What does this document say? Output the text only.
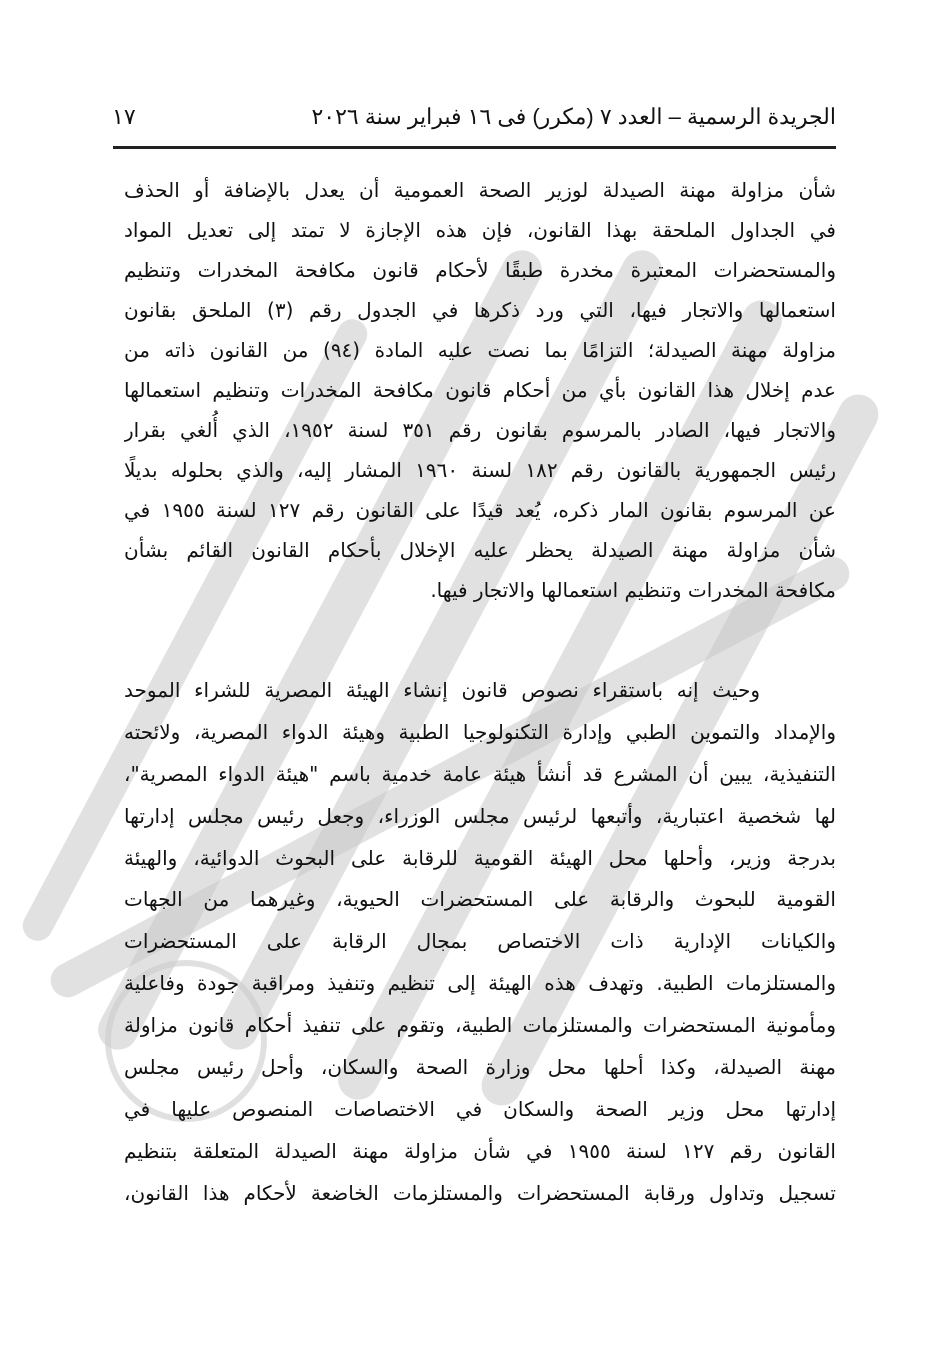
الجريدة الرسمية – العدد ٧ (مكرر) فى ١٦ فبراير سنة ٢٠٢٦
١٧
شأن مزاولة مهنة الصيدلة لوزير الصحة العمومية أن يعدل بالإضافة أو الحذف
في الجداول الملحقة بهذا القانون، فإن هذه الإجازة لا تمتد إلى تعديل المواد
والمستحضرات المعتبرة مخدرة طبقًا لأحكام قانون مكافحة المخدرات وتنظيم
استعمالها والاتجار فيها، التي ورد ذكرها في الجدول رقم (٣) الملحق بقانون
مزاولة مهنة الصيدلة؛ التزامًا بما نصت عليه المادة (٩٤) من القانون ذاته من
عدم إخلال هذا القانون بأي من أحكام قانون مكافحة المخدرات وتنظيم استعمالها
والاتجار فيها، الصادر بالمرسوم بقانون رقم ٣٥١ لسنة ١٩٥٢، الذي أُلغي بقرار
رئيس الجمهورية بالقانون رقم ١٨٢ لسنة ١٩٦٠ المشار إليه، والذي بحلوله بديلًا
عن المرسوم بقانون المار ذكره، يُعد قيدًا على القانون رقم ١٢٧ لسنة ١٩٥٥ في
شأن مزاولة مهنة الصيدلة يحظر عليه الإخلال بأحكام القانون القائم بشأن
مكافحة المخدرات وتنظيم استعمالها والاتجار فيها.
وحيث إنه باستقراء نصوص قانون إنشاء الهيئة المصرية للشراء الموحد
والإمداد والتموين الطبي وإدارة التكنولوجيا الطبية وهيئة الدواء المصرية، ولائحته
التنفيذية، يبين أن المشرع قد أنشأ هيئة عامة خدمية باسم "هيئة الدواء المصرية"،
لها شخصية اعتبارية، وأتبعها لرئيس مجلس الوزراء، وجعل رئيس مجلس إدارتها
بدرجة وزير، وأحلها محل الهيئة القومية للرقابة على البحوث الدوائية، والهيئة
القومية للبحوث والرقابة على المستحضرات الحيوية، وغيرهما من الجهات
والكيانات الإدارية ذات الاختصاص بمجال الرقابة على المستحضرات
والمستلزمات الطبية. وتهدف هذه الهيئة إلى تنظيم وتنفيذ ومراقبة جودة وفاعلية
ومأمونية المستحضرات والمستلزمات الطبية، وتقوم على تنفيذ أحكام قانون مزاولة
مهنة الصيدلة، وكذا أحلها محل وزارة الصحة والسكان، وأحل رئيس مجلس
إدارتها محل وزير الصحة والسكان في الاختصاصات المنصوص عليها في
القانون رقم ١٢٧ لسنة ١٩٥٥ في شأن مزاولة مهنة الصيدلة المتعلقة بتنظيم
تسجيل وتداول ورقابة المستحضرات والمستلزمات الخاضعة لأحكام هذا القانون،
